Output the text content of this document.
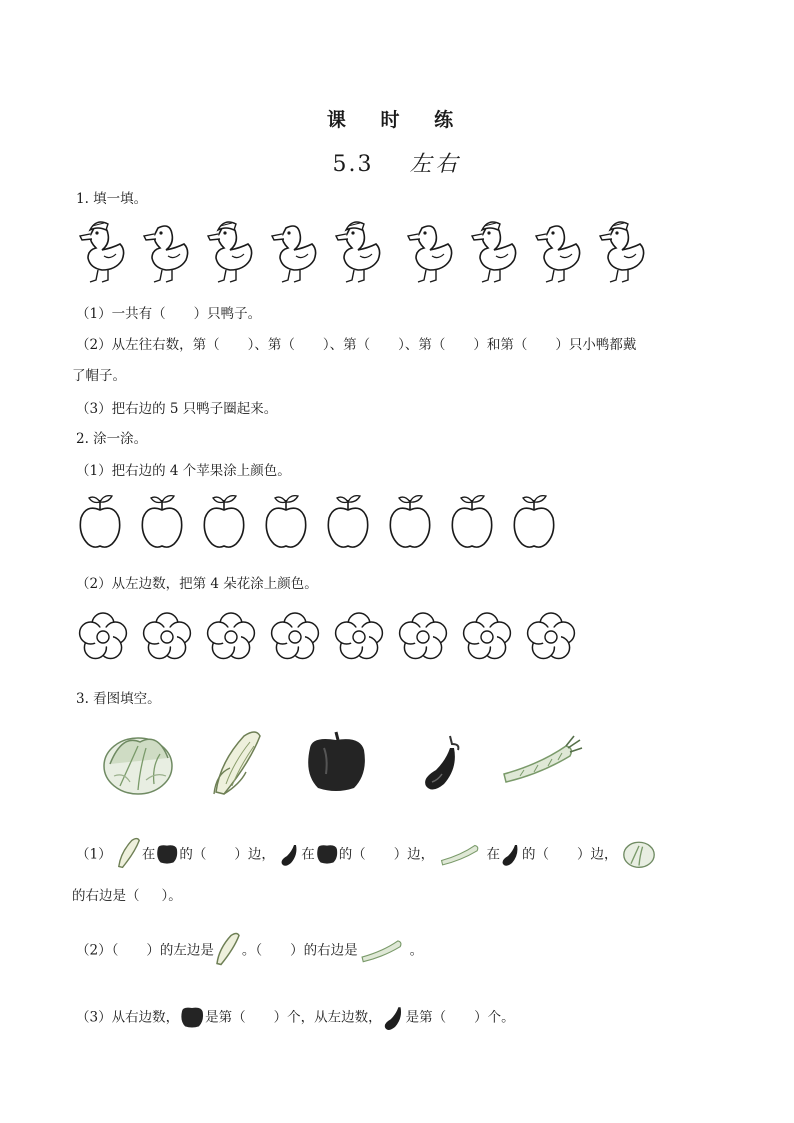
课 时 练
5.3 左右
1. 填一填。
（1）一共有（ ）只鸭子。
（2）从左往右数，第（ ）、第（ ）、第（ ）、第（ ）和第（ ）只小鸭都戴
了帽子。
（3）把右边的 5 只鸭子圈起来。
2. 涂一涂。
（1）把右边的 4 个苹果涂上颜色。
（2）从左边数，把第 4 朵花涂上颜色。
3. 看图填空。
（1） 在 的（ ）边， 在 的（ ）边，	在 的（ ）边，
的右边是（ ）。
（2）（ ）的左边是 。（ ）的右边是	。
（3）从右边数， 是第（ ）个，从左边数， 是第（ ）个。
